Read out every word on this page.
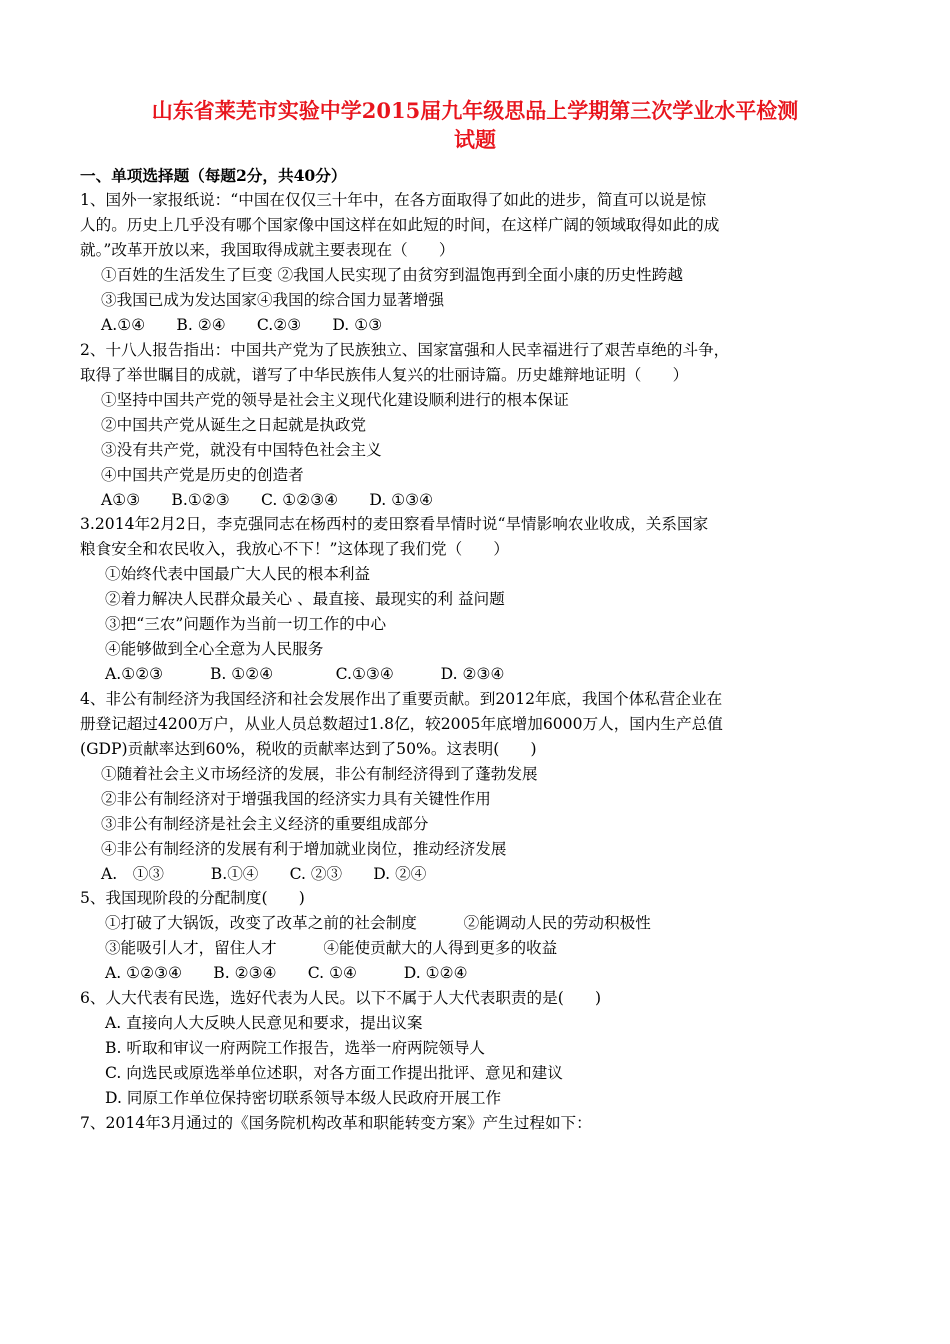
山东省莱芜市实验中学2015届九年级思品上学期第三次学业水平检测
试题
一、单项选择题（每题2分，共40分）
1、国外一家报纸说：“中国在仅仅三十年中，在各方面取得了如此的进步，简直可以说是惊
人的。历史上几乎没有哪个国家像中国这样在如此短的时间，在这样广阔的领域取得如此的成
就。”改革开放以来，我国取得成就主要表现在（　　）
①百姓的生活发生了巨变 ②我国人民实现了由贫穷到温饱再到全面小康的历史性跨越
③我国已成为发达国家④我国的综合国力显著增强
A.①④　　B. ②④　　C.②③　　D. ①③
2、十八人报告指出：中国共产党为了民族独立、国家富强和人民幸福进行了艰苦卓绝的斗争，
取得了举世瞩目的成就，谱写了中华民族伟人复兴的壮丽诗篇。历史雄辩地证明（　　）
①坚持中国共产党的领导是社会主义现代化建设顺利进行的根本保证
②中国共产党从诞生之日起就是执政党
③没有共产党，就没有中国特色社会主义
④中国共产党是历史的创造者
A①③　　B.①②③　　C. ①②③④　　D. ①③④
3.2014年2月2日，李克强同志在杨西村的麦田察看旱情时说“旱情影响农业收成，关系国家
粮食安全和农民收入，我放心不下！”这体现了我们党（　　）
①始终代表中国最广大人民的根本利益
②着力解决人民群众最关心 、最直接、最现实的利 益问题
③把“三农”问题作为当前一切工作的中心
④能够做到全心全意为人民服务
A.①②③　　　B. ①②④　　　　C.①③④　　　D. ②③④
4、非公有制经济为我国经济和社会发展作出了重要贡献。到2012年底，我国个体私营企业在
册登记超过4200万户，从业人员总数超过1.8亿，较2005年底增加6000万人，国内生产总值
(GDP)贡献率达到60%，税收的贡献率达到了50%。这表明(　　)
①随着社会主义市场经济的发展，非公有制经济得到了蓬勃发展
②非公有制经济对于增强我国的经济实力具有关键性作用
③非公有制经济是社会主义经济的重要组成部分
④非公有制经济的发展有利于增加就业岗位，推动经济发展
A.　①③　　　B.①④　　C. ②③　　D. ②④
5、我国现阶段的分配制度(　　)
①打破了大锅饭，改变了改革之前的社会制度　　　②能调动人民的劳动积极性
③能吸引人才，留住人才　　　④能使贡献大的人得到更多的收益
A. ①②③④　　B. ②③④　　C. ①④　　　D. ①②④
6、人大代表有民选，选好代表为人民。以下不属于人大代表职责的是(　　)
A. 直接向人大反映人民意见和要求，提出议案
B. 听取和审议一府两院工作报告，选举一府两院领导人
C. 向选民或原选举单位述职，对各方面工作提出批评、意见和建议
D. 同原工作单位保持密切联系领导本级人民政府开展工作
7、2014年3月通过的《国务院机构改革和职能转变方案》产生过程如下：
